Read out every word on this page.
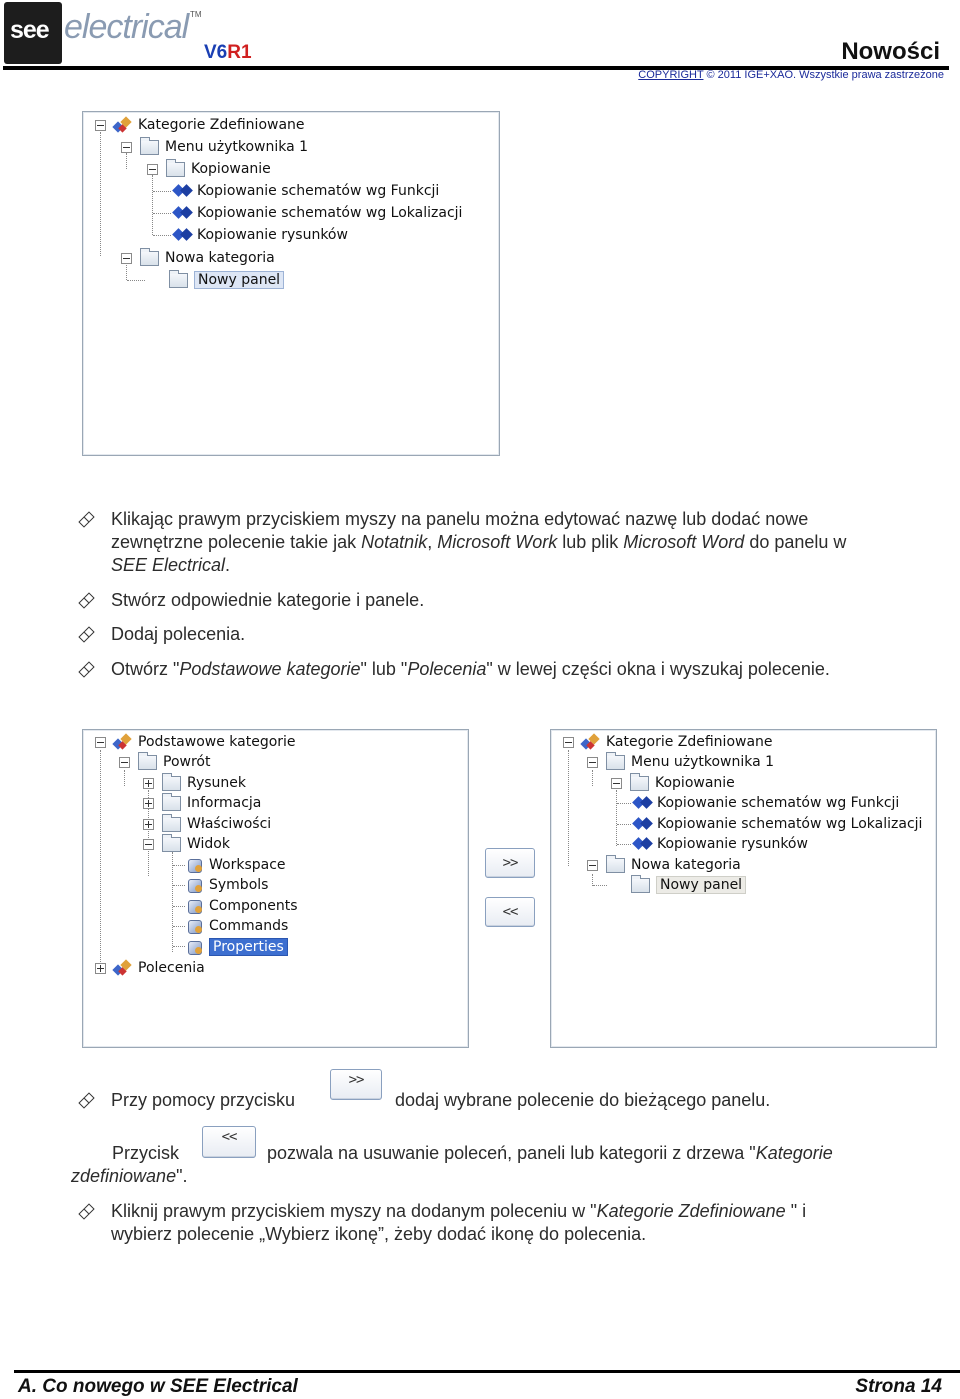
see electrical TM
V6R1	Nowości
COPYRIGHT © 2011 IGE+XAO. Wszystkie prawa zastrzeżone
Kategorie Zdefiniowane
Menu użytkownika 1
Kopiowanie
Kopiowanie schematów wg Funkcji
Kopiowanie schematów wg Lokalizacji
Kopiowanie rysunków
Nowa kategoria
Nowy panel
Klikając prawym przyciskiem myszy na panelu można edytować nazwę lub dodać nowe
zewnętrzne polecenie takie jak Notatnik, Microsoft Work lub plik Microsoft Word do panelu w
SEE Electrical.
Stwórz odpowiednie kategorie i panele.
Dodaj polecenia.
Otwórz "Podstawowe kategorie" lub "Polecenia" w lewej części okna i wyszukaj polecenie.
Podstawowe kategorie
Powrót
Rysunek
Informacja
Właściwości
Widok
Workspace
Symbols
Components
Commands
Properties
Polecenia
>>
<<
Kategorie Zdefiniowane
Menu użytkownika 1
Kopiowanie
Kopiowanie schematów wg Funkcji
Kopiowanie schematów wg Lokalizacji
Kopiowanie rysunków
Nowa kategoria
Nowy panel
Przy pomocy przycisku
>>
dodaj wybrane polecenie do bieżącego panelu.
Przycisk
<<
pozwala na usuwanie poleceń, paneli lub kategorii z drzewa "Kategorie
zdefiniowane".
Kliknij prawym przyciskiem myszy na dodanym poleceniu w "Kategorie Zdefiniowane " i
wybierz polecenie „Wybierz ikonę”, żeby dodać ikonę do polecenia.
A. Co nowego w SEE Electrical	Strona 14
